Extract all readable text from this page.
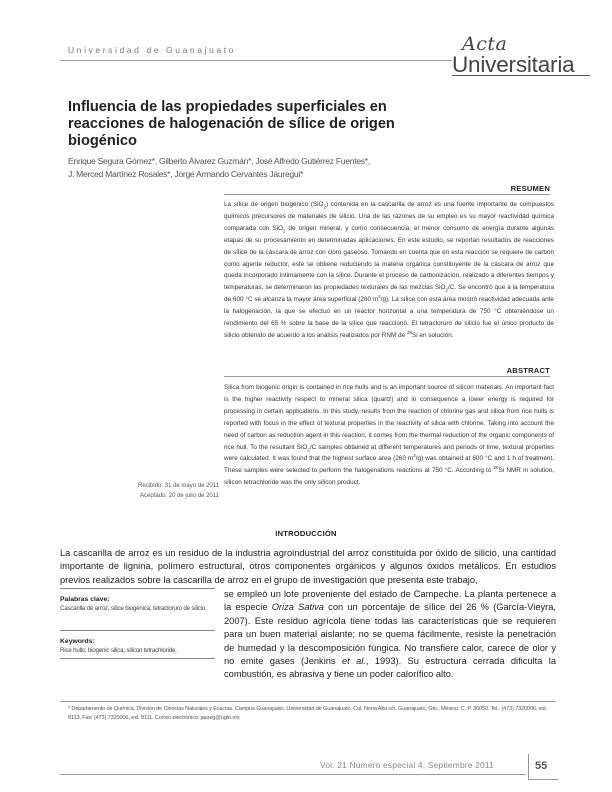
Universidad de Guanajuato	Acta
Universitaria
Influencia de las propiedades superficiales en reacciones de halogenación de sílice de origen biogénico
Enrique Segura Gómez*, Gilberto Álvarez Guzmán*, José Alfredo Gutiérrez Fuentes*,
J. Merced Martínez Rosales*, Jorge Armando Cervantes Jáuregui*
RESUMEN
La sílice de origen biogénico (SiO$_2$) contenida en la cascarilla de arroz es una fuente importante de compuestos químicos precursores de materiales de silicio. Una de las razones de su empleo es su mayor reactividad química comparada con SiO$_2$ de origen mineral, y como consecuencia, el menor consumo de energía durante algunas etapas de su procesamiento en determinadas aplicaciones. En este estudio, se reportan resultados de reacciones de sílice de la cáscara de arroz con cloro gaseoso. Tomando en cuenta que en esta reacción se requiere de carbón como agente reductor, este se obtiene reduciendo la materia orgánica constituyente de la cáscara de arroz que queda incorporado íntimamente con la sílice. Durante el proceso de carbonización, realizado a diferentes tiempos y temperaturas, se determinaron las propiedades texturales de las mezclas SiO$_2$/C. Se encontró que a la temperatura de 600 °C se alcanza la mayor área superficial (260 $m^2/g$). La sílice con esta área mostró reactividad adecuada ante la halogenación, la que se efectuó en un reactor horizontal a una temperatura de 750 °C obteniéndose un rendimiento del 65 % sobre la base de la sílice que reaccionó. El tetracloruro de silicio fue el único producto de silicio obtenido de acuerdo a los análisis realizados por RNM de $^{29}$Si en solución.
ABSTRACT
Silica from biogenic origin is contained in rice hulls and is an important source of silicon materials. An important fact is the higher reactivity respect to mineral silica (quartz) and in consequence a lower energy is required for processing in certain applications. In this study, results from the reaction of chlorine gas and silica from rice hulls is reported with focus in the effect of textural properties in the reactivity of silica with chlorine. Taking into account the need of carbon as reduction agent in this reaction, it comes from the thermal reduction of the organic components of rice hull. To the resultant SiO$_2$/C samples obtained at different temperatures and periods of time, textural properties were calculated. It was found that the highest surface area (260 $m^2/g$) was obtained at 600 °C and 1 h of treatment. These samples were selected to perform the halogenations reactions at 750 °C. According to $^{29}$Si NMR in solution, silicon tetrachloride was the only silicon product.
Recibido: 31 de mayo de 2011
Aceptado: 20 de julio de 2011
INTRODUCCIÓN
La cascarilla de arroz es un residuo de la industria agroindustrial del arroz constituida por óxido de silicio, una cantidad importante de lignina, polímero estructural, otros componentes orgánicos y algunos óxidos metálicos. En estudios previos realizados sobre la cascarilla de arroz en el grupo de investigación que presenta este trabajo,
se empleó un lote proveniente del estado de Campeche. La planta pertenece a la especie Oriza Sativa con un porcentaje de sílice del 26 % (García-Vieyra, 2007). Este residuo agrícola tiene todas las características que se requieren para un buen material aislante; no se quema fácilmente, resiste la penetración de humedad y la descomposición fúngica. No transfiere calor, carece de olor y no emite gases (Jenkins et al., 1993). Su estructura cerrada dificulta la combustión, es abrasiva y tiene un poder calorífico alto.
Palabras clave:
Cascarilla de arroz; sílice biogénica; tetracloruro de silicio.
Keywords:
Rice hulls; biogenic silica; silicon tetrachloride.
* Departamento de Química. División de Ciencias Naturales y Exactas. Campus Guanajuato. Universidad de Guanajuato. Col. Noria Alta s/n, Guanajuato, Gto., México. C. P. 36050. Tel.: (473) 7320006, ext. 8113, Fax: (473) 7320006, ext. 8111. Correo electrónico: jaureg@ugto.mx
Vol. 21 Número especial 4, Septiembre 2011	55
